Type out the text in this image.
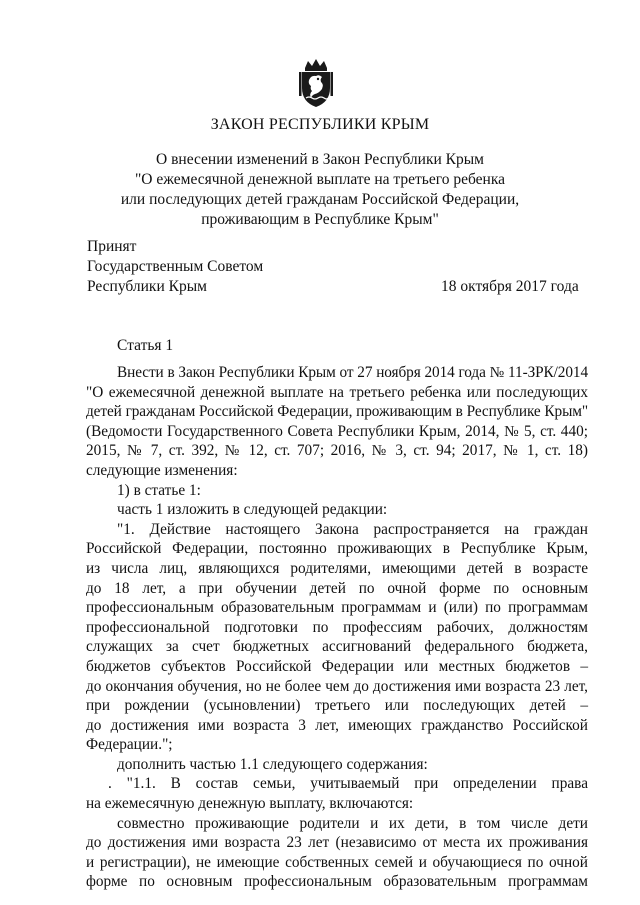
ЗАКОН РЕСПУБЛИКИ КРЫМ
О внесении изменений в Закон Республики Крым
"О ежемесячной денежной выплате на третьего ребенка
или последующих детей гражданам Российской Федерации,
проживающим в Республике Крым"
Принят
Государственным Советом
Республики Крым	18 октября 2017 года
Статья 1
Внести в Закон Республики Крым от 27 ноября 2014 года № 11-ЗРК/2014
"О ежемесячной денежной выплате на третьего ребенка или последующих
детей гражданам Российской Федерации, проживающим в Республике Крым"
(Ведомости Государственного Совета Республики Крым, 2014, № 5, ст. 440;
2015, № 7, ст. 392, № 12, ст. 707; 2016, № 3, ст. 94; 2017, № 1, ст. 18)
следующие изменения:
1) в статье 1:
часть 1 изложить в следующей редакции:
"1. Действие настоящего Закона распространяется на граждан
Российской Федерации, постоянно проживающих в Республике Крым,
из числа лиц, являющихся родителями, имеющими детей в возрасте
до 18 лет, а при обучении детей по очной форме по основным
профессиональным образовательным программам и (или) по программам
профессиональной подготовки по профессиям рабочих, должностям
служащих за счет бюджетных ассигнований федерального бюджета,
бюджетов субъектов Российской Федерации или местных бюджетов –
до окончания обучения, но не более чем до достижения ими возраста 23 лет,
при рождении (усыновлении) третьего или последующих детей –
до достижения ими возраста 3 лет, имеющих гражданство Российской
Федерации.";
дополнить частью 1.1 следующего содержания:
. "1.1. В состав семьи, учитываемый при определении права
на ежемесячную денежную выплату, включаются:
совместно проживающие родители и их дети, в том числе дети
до достижения ими возраста 23 лет (независимо от места их проживания
и регистрации), не имеющие собственных семей и обучающиеся по очной
форме по основным профессиональным образовательным программам
